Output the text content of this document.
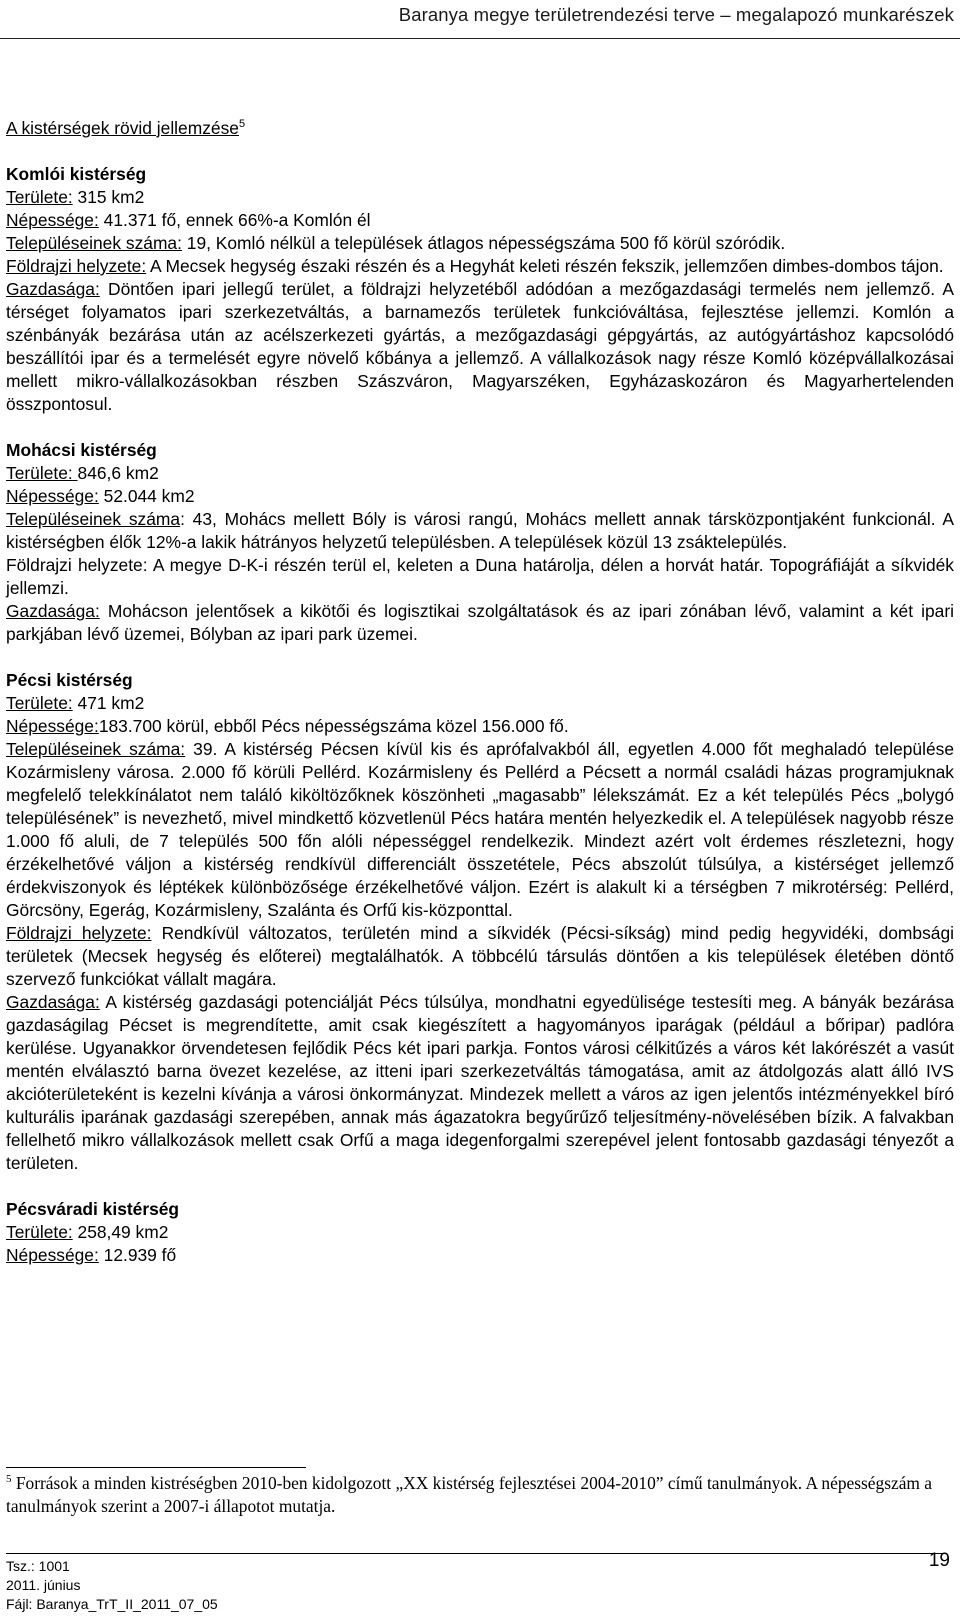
Baranya megye területrendezési terve – megalapozó munkarészek

A kistérségek rövid jellemzése$^5$

Komlói kistérség

Területe: 315 km2

Népessége: 41.371 fő, ennek 66%-a Komlón él

Településeinek száma: 19, Komló nélkül a települések átlagos népességszáma 500 fő körül szóródik.

Földrajzi helyzete: A Mecsek hegység északi részén és a Hegyhát keleti részén fekszik, jellemzően dimbes-dombos tájon.

Gazdasága: Döntően ipari jellegű terület, a földrajzi helyzetéből adódóan a mezőgazdasági termelés nem jellemző. A térséget folyamatos ipari szerkezetváltás, a barnamezős területek funkcióváltása, fejlesztése jellemzi. Komlón a szénbányák bezárása után az acélszerkezeti gyártás, a mezőgazdasági gépgyártás, az autógyártáshoz kapcsolódó beszállítói ipar és a termelését egyre növelő kőbánya a jellemző. A vállalkozások nagy része Komló középvállalkozásai mellett mikro-vállalkozásokban részben Szászváron, Magyarszéken, Egyházaskozáron és Magyarhertelenden összpontosul.

Mohácsi kistérség

Területe: 846,6 km2

Népessége: 52.044 km2

Településeinek száma: 43, Mohács mellett Bóly is városi rangú, Mohács mellett annak társközpontjaként funkcionál. A kistérségben élők 12%-a lakik hátrányos helyzetű településben. A települések közül 13 zsáktelepülés.

Földrajzi helyzete: A megye D-K-i részén terül el, keleten a Duna határolja, délen a horvát határ. Topográfiáját a síkvidék jellemzi.

Gazdasága: Mohácson jelentősek a kikötői és logisztikai szolgáltatások és az ipari zónában lévő, valamint a két ipari parkjában lévő üzemei, Bólyban az ipari park üzemei.

Pécsi kistérség

Területe: 471 km2

Népessége:183.700 körül, ebből Pécs népességszáma közel 156.000 fő.

Településeinek száma: 39. A kistérség Pécsen kívül kis és aprófalvakból áll, egyetlen 4.000 főt meghaladó települése Kozármisleny városa. 2.000 fő körüli Pellérd. Kozármisleny és Pellérd a Pécsett a normál családi házas programjuknak megfelelő telekkínálatot nem találó kiköltözőknek köszönheti „magasabb” lélekszámát. Ez a két település Pécs „bolygó településének” is nevezhető, mivel mindkettő közvetlenül Pécs határa mentén helyezkedik el. A települések nagyobb része 1.000 fő aluli, de 7 település 500 főn alóli népességgel rendelkezik. Mindezt azért volt érdemes részletezni, hogy érzékelhetővé váljon a kistérség rendkívül differenciált összetétele, Pécs abszolút túlsúlya, a kistérséget jellemző érdekviszonyok és léptékek különbözősége érzékelhetővé váljon. Ezért is alakult ki a térségben 7 mikrotérség: Pellérd, Görcsöny, Egerág, Kozármisleny, Szalánta és Orfű kis-központtal.

Földrajzi helyzete: Rendkívül változatos, területén mind a síkvidék (Pécsi-síkság) mind pedig hegyvidéki, dombsági területek (Mecsek hegység és előterei) megtalálhatók. A többcélú társulás döntően a kis települések életében döntő szervező funkciókat vállalt magára.

Gazdasága: A kistérség gazdasági potenciálját Pécs túlsúlya, mondhatni egyedülisége testesíti meg. A bányák bezárása gazdaságilag Pécset is megrendítette, amit csak kiegészített a hagyományos iparágak (például a bőripar) padlóra kerülése. Ugyanakkor örvendetesen fejlődik Pécs két ipari parkja. Fontos városi célkitűzés a város két lakórészét a vasút mentén elválasztó barna övezet kezelése, az itteni ipari szerkezetváltás támogatása, amit az átdolgozás alatt álló IVS akcióterületeként is kezelni kívánja a városi önkormányzat. Mindezek mellett a város az igen jelentős intézményekkel bíró kulturális iparának gazdasági szerepében, annak más ágazatokra begyűrűző teljesítmény-növelésében bízik. A falvakban fellelhető mikro vállalkozások mellett csak Orfű a maga idegenforgalmi szerepével jelent fontosabb gazdasági tényezőt a területen.

Pécsváradi kistérség

Területe: 258,49 km2

Népessége: 12.939 fő

$^5$ Források a minden kistréségben 2010-ben kidolgozott „XX kistérség fejlesztései 2004-2010” című tanulmányok. A népességszám a tanulmányok szerint a 2007-i állapotot mutatja.
Tsz.: 1001
2011. június
Fájl: Baranya_TrT_II_2011_07_05
19
